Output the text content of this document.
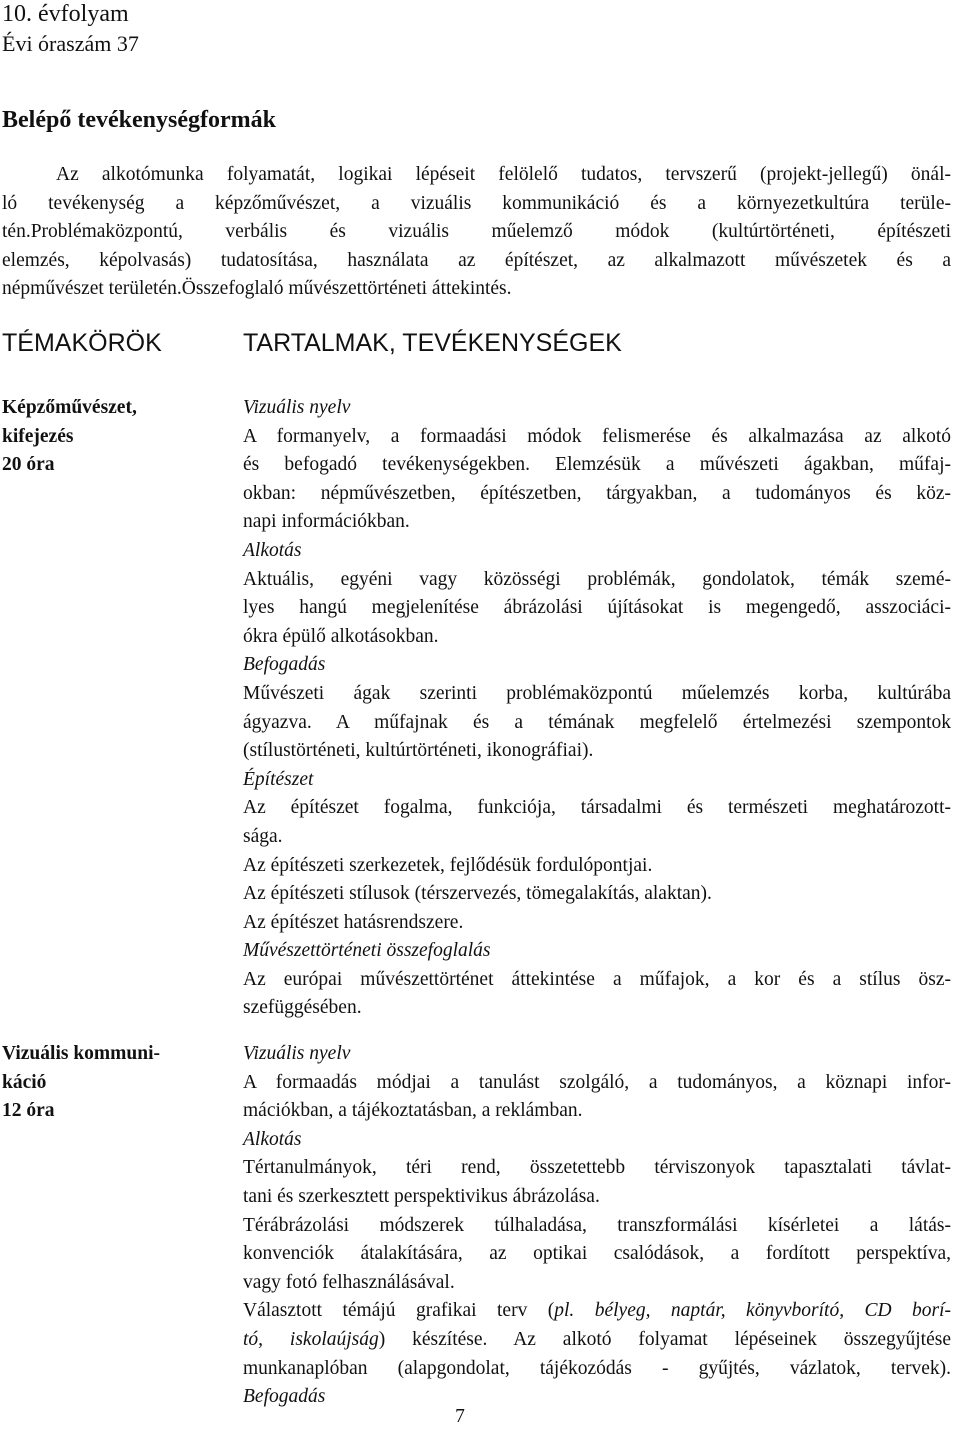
10. évfolyam
Évi óraszám 37
Belépő tevékenységformák
Az alkotómunka folyamatát, logikai lépéseit felölelő tudatos, tervszerű (projekt-jellegű) önál-
ló tevékenység a képzőművészet, a vizuális kommunikáció és a környezetkultúra terüle-
tén.Problémaközpontú, verbális és vizuális műelemző módok (kultúrtörténeti, építészeti
elemzés, képolvasás) tudatosítása, használata az építészet, az alkalmazott művészetek és a
népművészet területén.Összefoglaló művészettörténeti áttekintés.
TÉMAKÖRÖK	TARTALMAK, TEVÉKENYSÉGEK
Képzőművészet,
kifejezés
20 óra
Vizuális nyelv
A formanyelv, a formaadási módok felismerése és alkalmazása az alkotó
és befogadó tevékenységekben. Elemzésük a művészeti ágakban, műfaj-
okban: népművészetben, építészetben, tárgyakban, a tudományos és köz-
napi információkban.
Alkotás
Aktuális, egyéni vagy közösségi problémák, gondolatok, témák szemé-
lyes hangú megjelenítése ábrázolási újításokat is megengedő, asszociáci-
ókra épülő alkotásokban.
Befogadás
Művészeti ágak szerinti problémaközpontú műelemzés korba, kultúrába
ágyazva. A műfajnak és a témának megfelelő értelmezési szempontok
(stílustörténeti, kultúrtörténeti, ikonográfiai).
Építészet
Az építészet fogalma, funkciója, társadalmi és természeti meghatározott-
sága.
Az építészeti szerkezetek, fejlődésük fordulópontjai.
Az építészeti stílusok (térszervezés, tömegalakítás, alaktan).
Az építészet hatásrendszere.
Művészettörténeti összefoglalás
Az európai művészettörténet áttekintése a műfajok, a kor és a stílus ösz-
szefüggésében.
Vizuális kommuni-
káció
12 óra
Vizuális nyelv
A formaadás módjai a tanulást szolgáló, a tudományos, a köznapi infor-
mációkban, a tájékoztatásban, a reklámban.
Alkotás
Tértanulmányok, téri rend, összetettebb térviszonyok tapasztalati távlat-
tani és szerkesztett perspektivikus ábrázolása.
Térábrázolási módszerek túlhaladása, transzformálási kísérletei a látás-
konvenciók átalakítására, az optikai csalódások, a fordított perspektíva,
vagy fotó felhasználásával.
Választott témájú grafikai terv (pl. bélyeg, naptár, könyvborító, CD borí-
tó, iskolaújság) készítése. Az alkotó folyamat lépéseinek összegyűjtése
munkanaplóban (alapgondolat, tájékozódás - gyűjtés, vázlatok, tervek).
Befogadás
7
